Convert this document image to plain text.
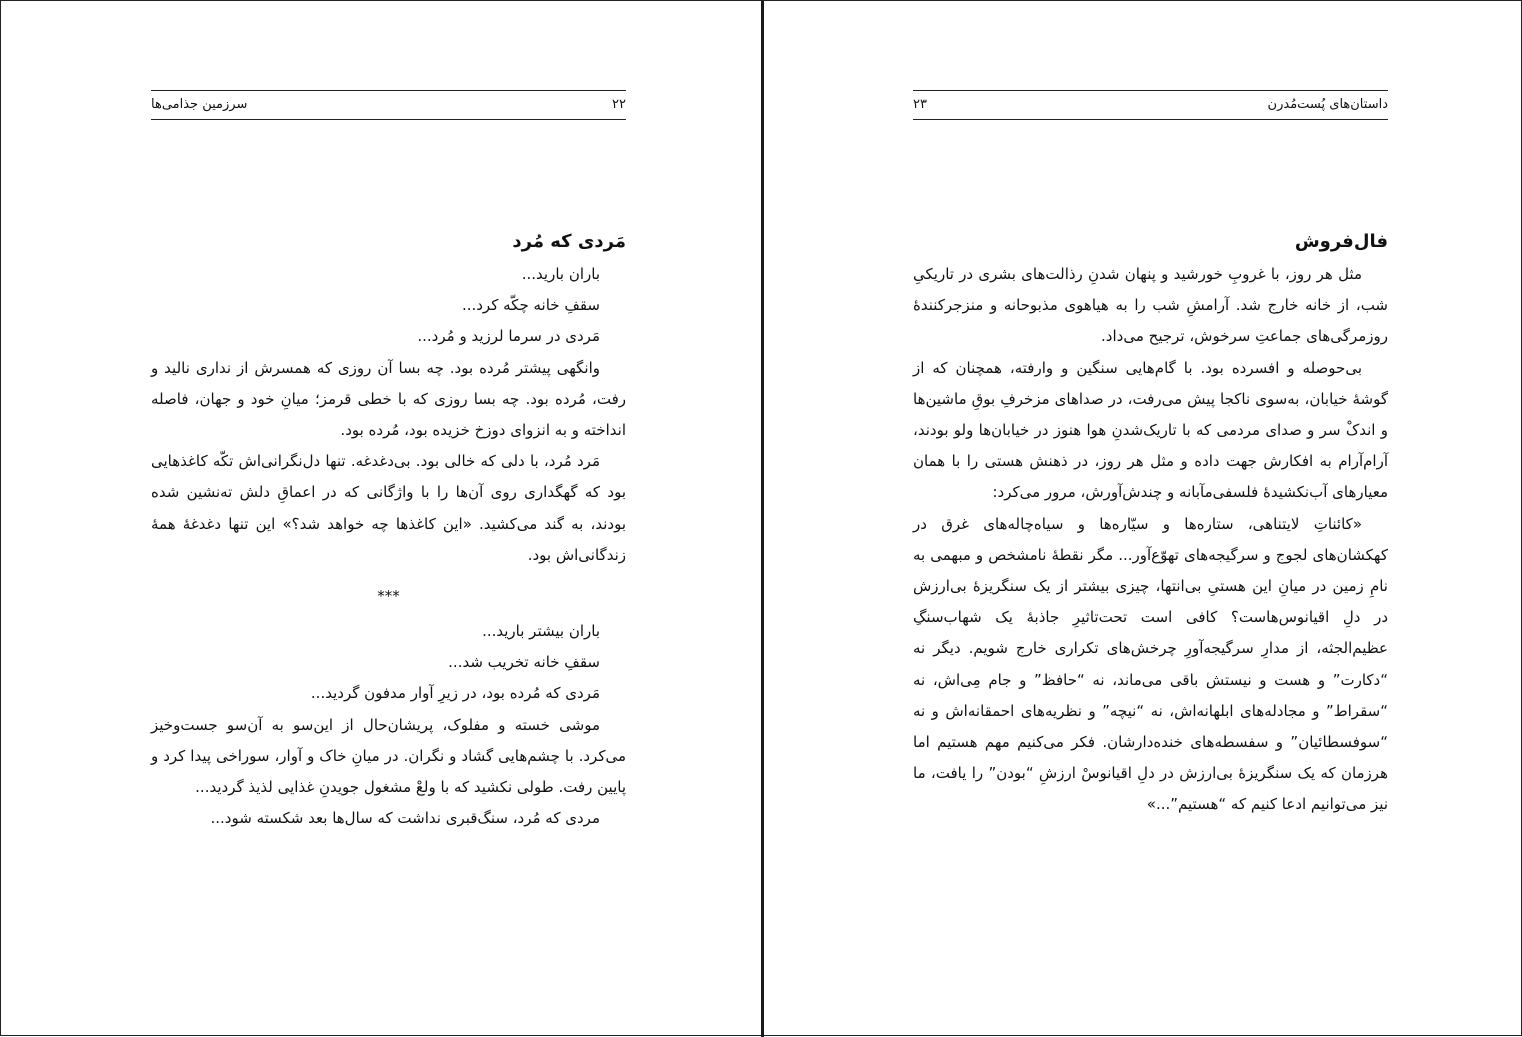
۲۲
سرزمین جذامی‌ها
مَردی که مُرد

باران بارید...

سقفِ خانه چکّه کرد...

مَردی در سرما لرزید و مُرد...

وانگهی پیشتر مُرده بود. چه بسا آن روزی که همسرش از نداری نالید و رفت، مُرده بود. چه بسا روزی که با خطی قرمز؛ میانِ خود و جهان، فاصله انداخته و به انزوای دوزخ خزیده بود، مُرده بود.

مَرد مُرد، با دلی که خالی بود. بی‌دغدغه. تنها دل‌نگرانی‌اش تکّه کاغذهایی بود که گهگداری روی آن‌ها را با واژگانی که در اعماقِ دلش ته‌نشین شده بودند، به گند می‌کشید. «این کاغذها چه خواهد شد؟» این تنها دغدغهٔ همهٔ زندگانی‌اش بود.

***

باران بیشتر بارید...

سقفِ خانه تخریب شد...

مَردی که مُرده بود، در زیرِ آوار مدفون گردید...

موشی خسته و مفلوک، پریشان‌حال از این‌سو به آن‌سو جست‌وخیز می‌کرد. با چشم‌هایی گشاد و نگران. در میانِ خاک و آوار، سوراخی پیدا کرد و پایین رفت. طولی نکشید که با ولعْ مشغول جویدنِ غذایی لذیذ گردید...

مردی که مُرد، سنگ‌قبری نداشت که سال‌ها بعد شکسته شود...

داستان‌های پُست‌مُدرن
۲۳
فال‌فروش

مثل هر روز، با غروبِ خورشید و پنهان شدنِ رذالت‌های بشری در تاریکیِ شب، از خانه خارج شد. آرامشِ شب را به هیاهوی مذبوحانه و منزجرکنندهٔ روزمرگی‌های جماعتِ سرخوش، ترجیح می‌داد.

بی‌حوصله و افسرده بود. با گام‌هایی سنگین و وارفته، همچنان که از گوشهٔ خیابان، به‌سوی ناکجا پیش می‌رفت، در صداهای مزخرفِ بوقِ ماشین‌ها و اندکْ سر و صدای مردمی که با تاریک‌شدنِ هوا هنوز در خیابان‌ها ولو بودند، آرام‌آرام به افکارش جهت داده و مثل هر روز، در ذهنش هستی را با همان معیارهای آب‌نکشیدهٔ فلسفی‌مآبانه و چندش‌آورش، مرور می‌کرد:

«کائناتِ لایتناهی، ستاره‌ها و سیّاره‌ها و سیاه‌چاله‌های غرق در کهکشان‌های لجوج و سرگیجه‌های تهوّع‌آور... مگر نقطهٔ نامشخص و مبهمی به نامِ زمین در میانِ این هستیِ بی‌انتها، چیزی بیشتر از یک سنگریزهٔ بی‌ارزش در دلِ اقیانوس‌هاست؟ کافی است تحت‌تاثیرِ جاذبهٔ یک شهاب‌سنگِ عظیم‌الجثه، از مدارِ سرگیجه‌آورِ چرخش‌های تکراری خارج شویم. دیگر نه “دکارت” و هست و نیستش باقی می‌ماند، نه “حافظ” و جام مِی‌اش، نه “سقراط” و مجادله‌های ابلهانه‌اش، نه “نیچه” و نظریه‌های احمقانه‌اش و نه “سوفسطائیان” و سفسطه‌های خنده‌دارشان. فکر می‌کنیم مهم هستیم اما هرزمان که یک سنگریزهٔ بی‌ارزش در دلِ اقیانوسْ ارزشِ “بودن” را یافت، ما نیز می‌توانیم ادعا کنیم که “هستیم”...»
